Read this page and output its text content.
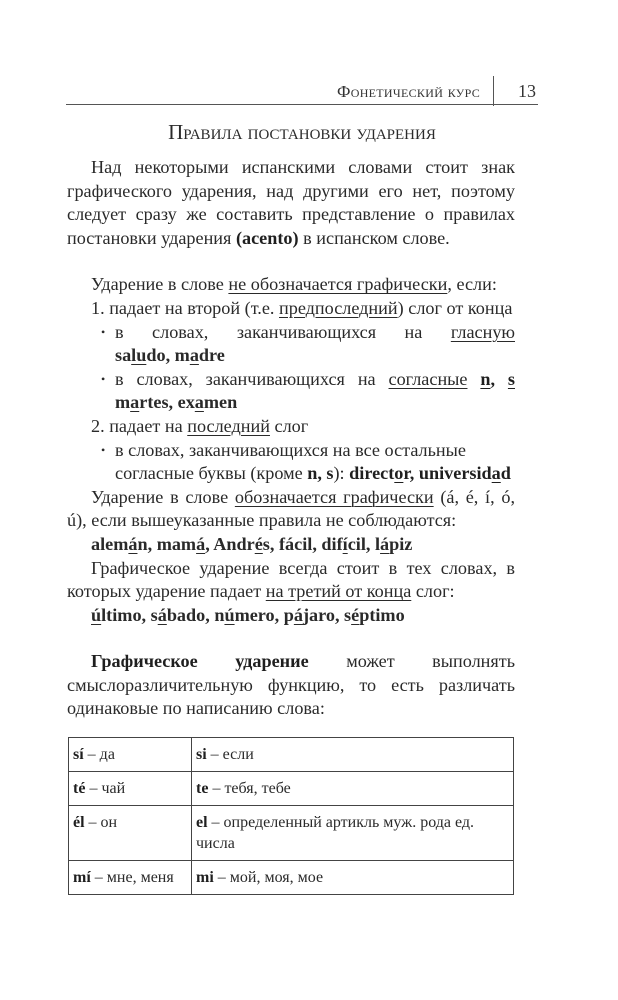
Фонетический курс 13
Правила постановки ударения

Над некоторыми испанскими словами стоит знак графического ударения, над другими его нет, поэтому следует сразу же составить представление о правилах постановки ударения (acento) в испанском слове.

Ударение в слове не обозначается графически, если:

1. падает на второй (т.е. предпоследний) слог от конца

• в словах, заканчивающихся на гласную

saludo, madre

• в словах, заканчивающихся на согласные n, s

martes, examen

2. падает на последний слог

• в словах, заканчивающихся на все остальные согласные буквы (кроме n, s): director, universidad

Ударение в слове обозначается графически (á, é, í, ó, ú), если вышеуказанные правила не соблюдаются:

alemán, mamá, Andrés, fácil, difícil, lápiz

Графическое ударение всегда стоит в тех словах, в которых ударение падает на третий от конца слог:

último, sábado, número, pájaro, séptimo

Графическое ударение может выполнять смыслоразличительную функцию, то есть различать одинаковые по написанию слова:

sí – да	si – если
té – чай	te – тебя, тебе
él – он	el – определенный артикль муж. рода ед. числа
mí – мне, меня	mi – мой, моя, мое
